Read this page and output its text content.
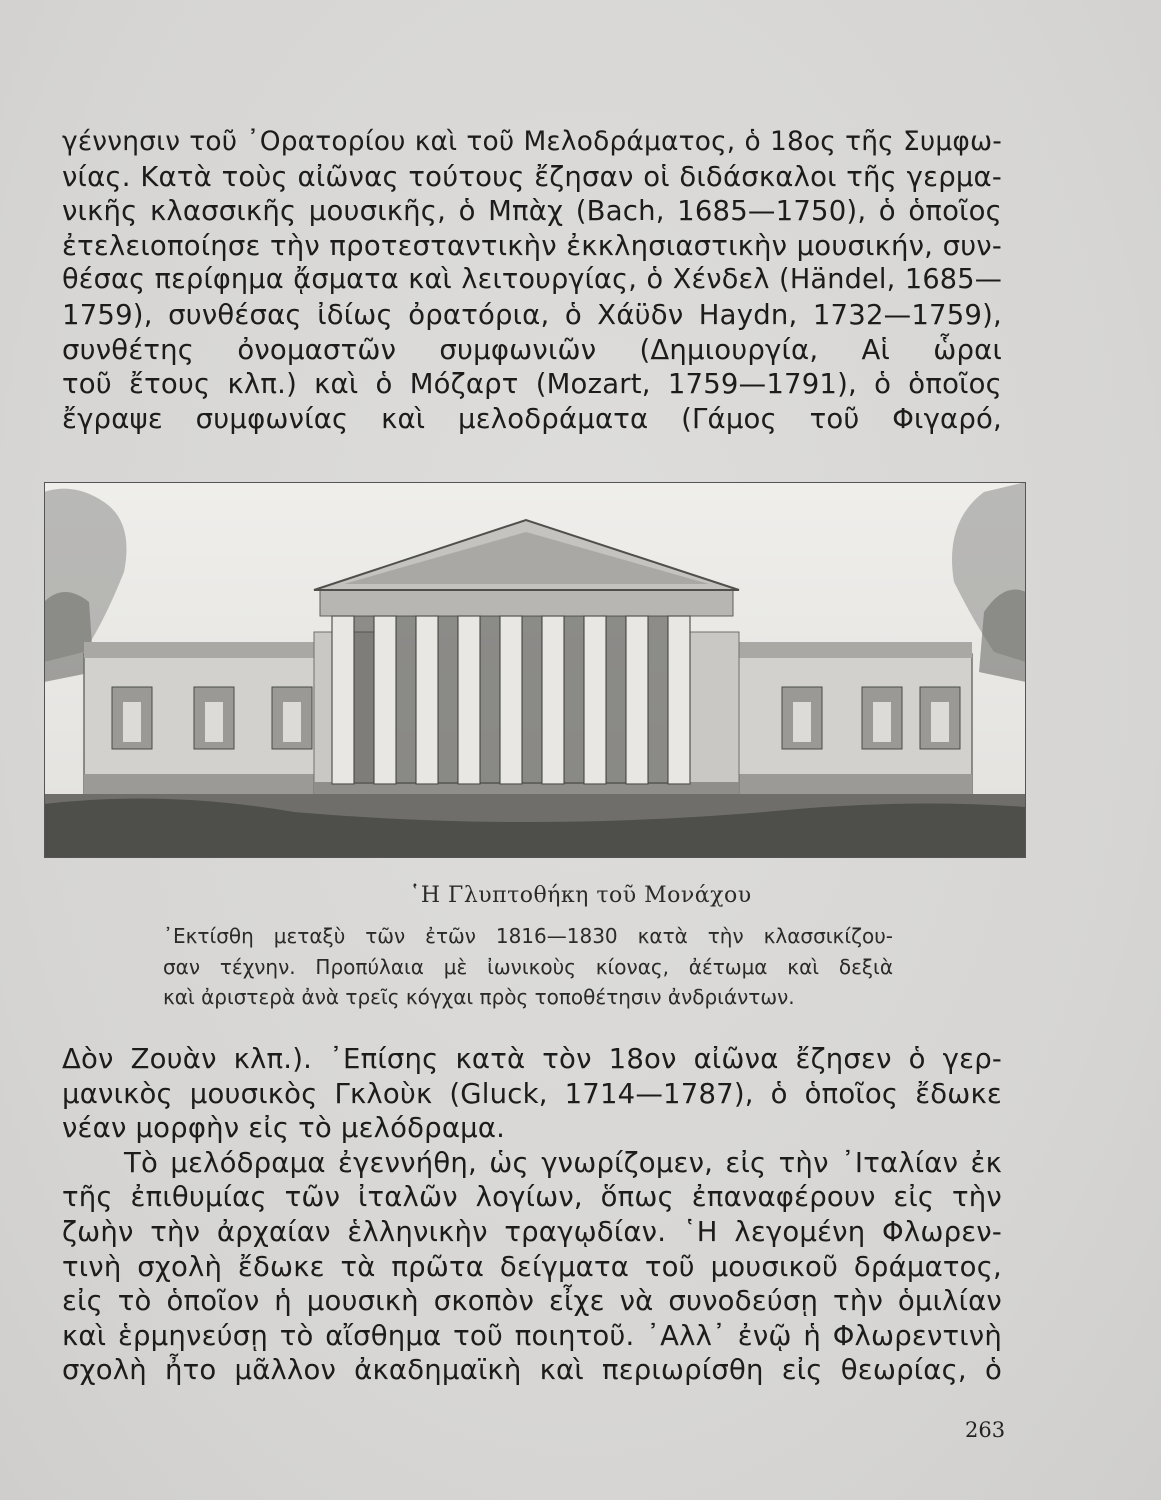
γέννησιν τοῦ ᾿Ορατορίου καὶ τοῦ Μελοδράματος, ὁ 18ος τῆς Συμφω-
νίας. Κατὰ τοὺς αἰῶνας τούτους ἔζησαν οἱ διδάσκαλοι τῆς γερμα-
νικῆς κλασσικῆς μουσικῆς, ὁ Μπὰχ (Bach, 1685—1750), ὁ ὁποῖος
ἐτελειοποίησε τὴν προτεσταντικὴν ἐκκλησιαστικὴν μουσικήν, συν-
θέσας περίφημα ᾄσματα καὶ λειτουργίας, ὁ Χένδελ (Händel, 1685—
1759), συνθέσας ἰδίως ὀρατόρια, ὁ Χάϋδν Haydn, 1732—1759),
συνθέτης ὀνομαστῶν συμφωνιῶν (Δημιουργία, Αἱ ὧραι
τοῦ ἔτους κλπ.) καὶ ὁ Μόζαρτ (Mozart, 1759—1791), ὁ ὁποῖος
ἔγραψε συμφωνίας καὶ μελοδράματα (Γάμος τοῦ Φιγαρό,
῾Η Γλυπτοθήκη τοῦ Μονάχου
᾿Εκτίσθη μεταξὺ τῶν ἐτῶν 1816—1830 κατὰ τὴν κλασσικίζου-
σαν τέχνην. Προπύλαια μὲ ἰωνικοὺς κίονας, ἀέτωμα καὶ δεξιὰ
καὶ ἀριστερὰ ἀνὰ τρεῖς κόγχαι πρὸς τοποθέτησιν ἀνδριάντων.
Δὸν Ζουὰν κλπ.). ᾿Επίσης κατὰ τὸν 18ον αἰῶνα ἔζησεν ὁ γερ-
μανικὸς μουσικὸς Γκλοὺκ (Gluck, 1714—1787), ὁ ὁποῖος ἔδωκε
νέαν μορφὴν εἰς τὸ μελόδραμα.
Τὸ μελόδραμα ἐγεννήθη, ὡς γνωρίζομεν, εἰς τὴν ᾿Ιταλίαν ἐκ
τῆς ἐπιθυμίας τῶν ἰταλῶν λογίων, ὅπως ἐπαναφέρουν εἰς τὴν
ζωὴν τὴν ἀρχαίαν ἑλληνικὴν τραγῳδίαν. ῾Η λεγομένη Φλωρεν-
τινὴ σχολὴ ἔδωκε τὰ πρῶτα δείγματα τοῦ μουσικοῦ δράματος,
εἰς τὸ ὁποῖον ἡ μουσικὴ σκοπὸν εἶχε νὰ συνοδεύσῃ τὴν ὁμιλίαν
καὶ ἑρμηνεύσῃ τὸ αἴσθημα τοῦ ποιητοῦ. ᾿Αλλ᾿ ἐνῷ ἡ Φλωρεντινὴ
σχολὴ ἦτο μᾶλλον ἀκαδημαϊκὴ καὶ περιωρίσθη εἰς θεωρίας, ὁ
263
